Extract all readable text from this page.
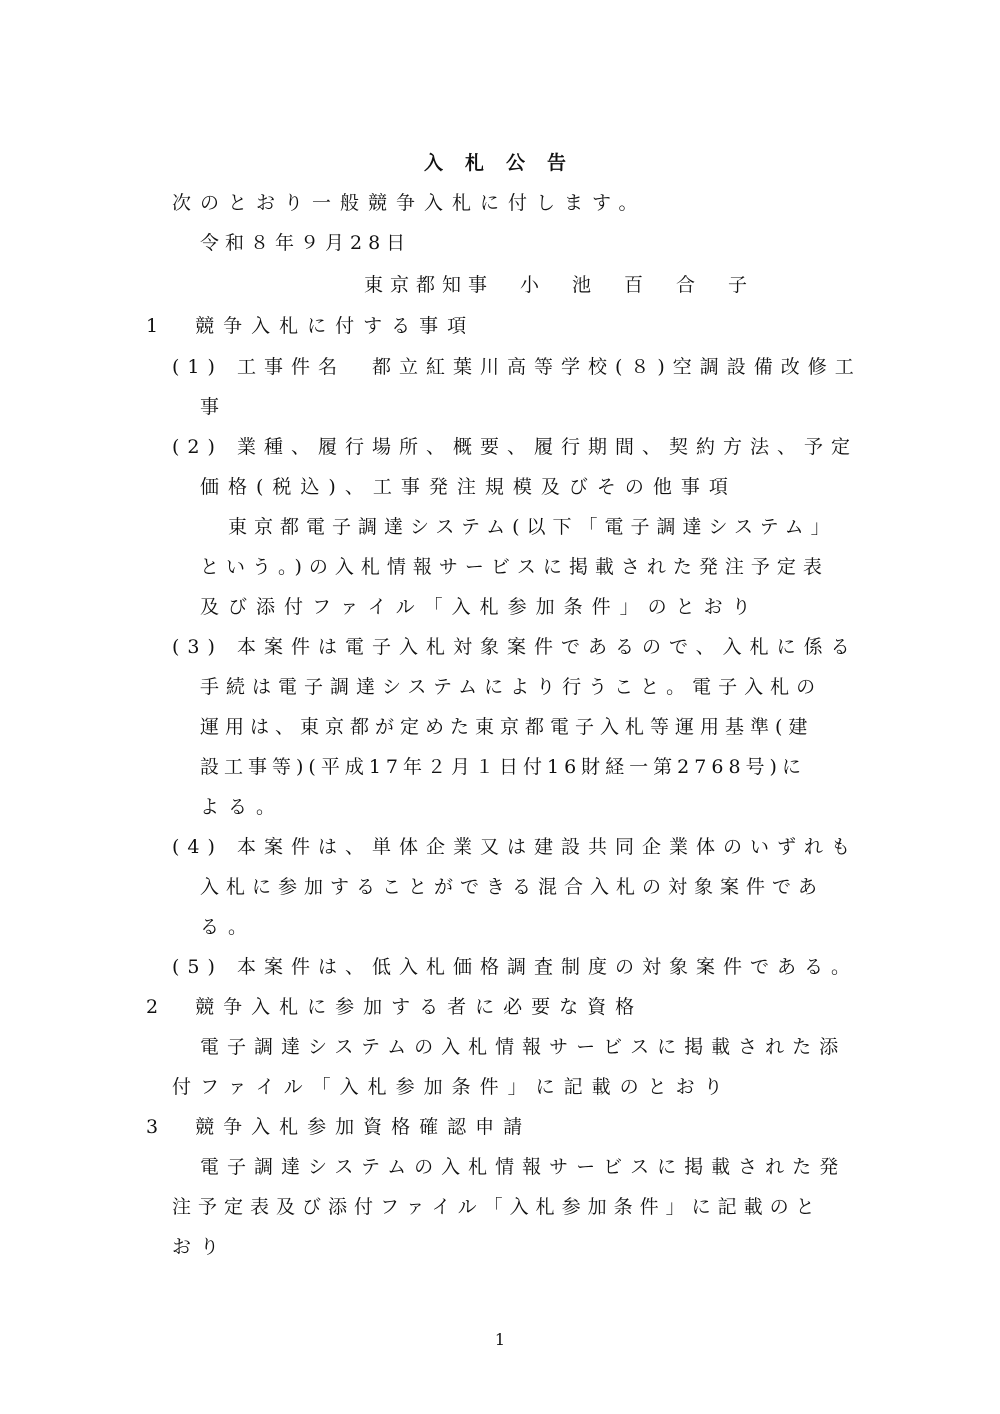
入札公告
次のとおり一般競争入札に付します。
令和８年９月28日
東京都知事　小　池　百　合　子
1　競争入札に付する事項
(1) 工事件名　都立紅葉川高等学校(８)空調設備改修工
事
(2) 業種、履行場所、概要、履行期間、契約方法、予定
価格(税込)、工事発注規模及びその他事項
東京都電子調達システム(以下「電子調達システム」
という。)の入札情報サービスに掲載された発注予定表
及び添付ファイル「入札参加条件」のとおり
(3) 本案件は電子入札対象案件であるので、入札に係る
手続は電子調達システムにより行うこと。電子入札の
運用は、東京都が定めた東京都電子入札等運用基準(建
設工事等)(平成17年２月１日付16財経一第2768号)に
よる。
(4) 本案件は、単体企業又は建設共同企業体のいずれも
入札に参加することができる混合入札の対象案件であ
る。
(5) 本案件は、低入札価格調査制度の対象案件である。
2　競争入札に参加する者に必要な資格
電子調達システムの入札情報サービスに掲載された添
付ファイル「入札参加条件」に記載のとおり
3　競争入札参加資格確認申請
電子調達システムの入札情報サービスに掲載された発
注予定表及び添付ファイル「入札参加条件」に記載のと
おり
1
